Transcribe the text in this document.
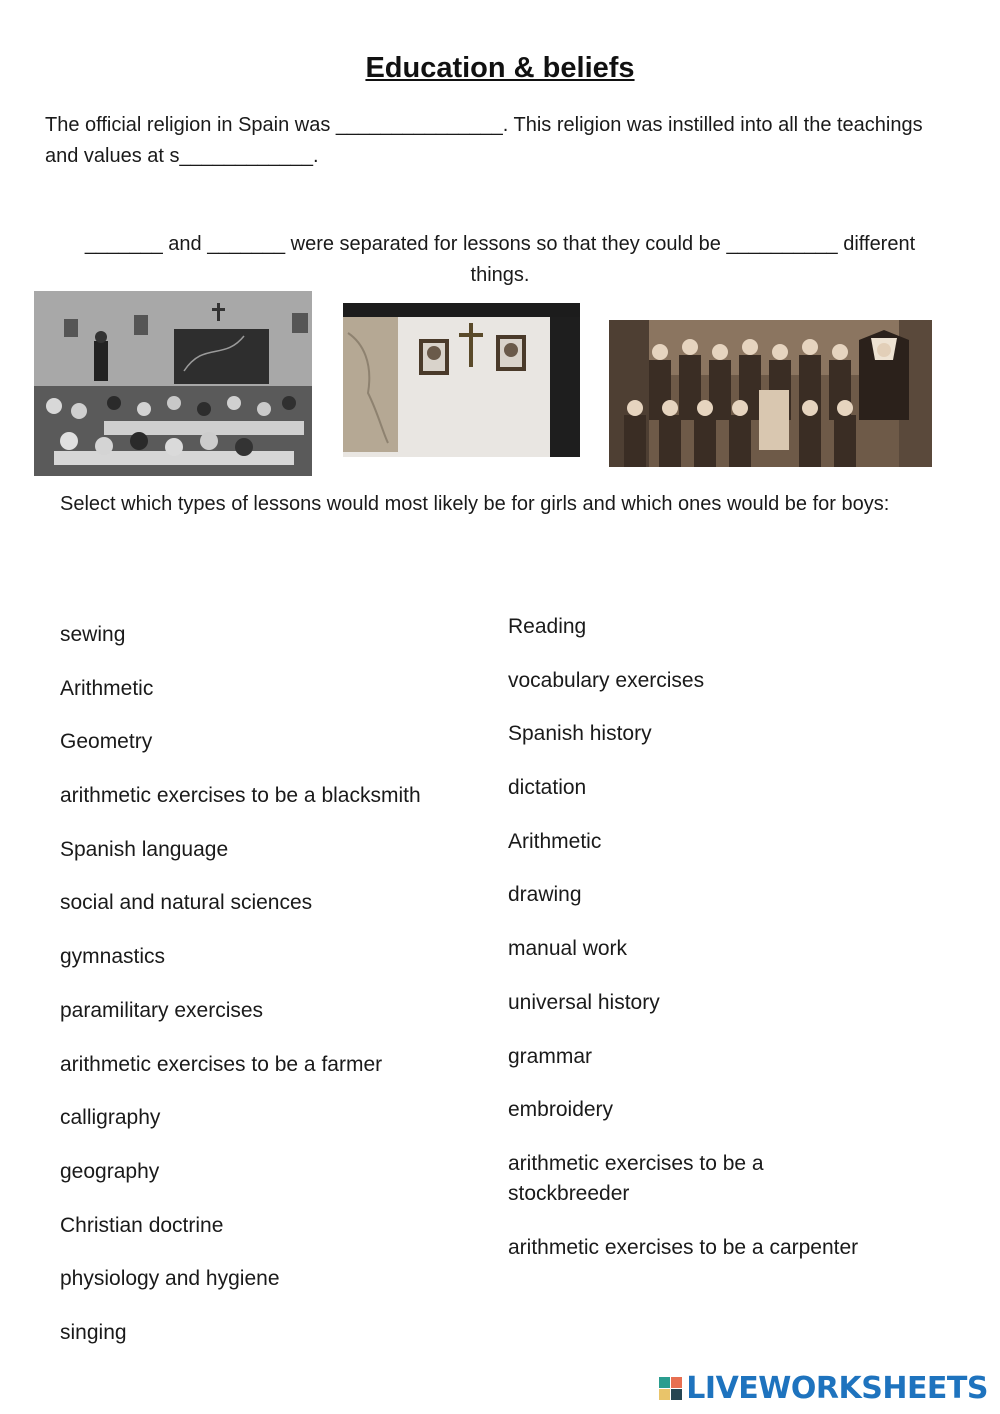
Education & beliefs
The official religion in Spain was _______________. This religion was instilled into all the teachings and values at s____________.
_______ and _______ were separated for lessons so that they could be __________ different things.
Select which types of lessons would most likely be for girls and which ones would be for boys:
sewing
Arithmetic
Geometry
arithmetic exercises to be a blacksmith
Spanish language
social and natural sciences
gymnastics
paramilitary exercises
arithmetic exercises to be a farmer
calligraphy
geography
Christian doctrine
physiology and hygiene
singing
Reading
vocabulary exercises
Spanish history
dictation
Arithmetic
drawing
manual work
universal history
grammar
embroidery
arithmetic exercises to be a stockbreeder
arithmetic exercises to be a carpenter
LIVEWORKSHEETS
